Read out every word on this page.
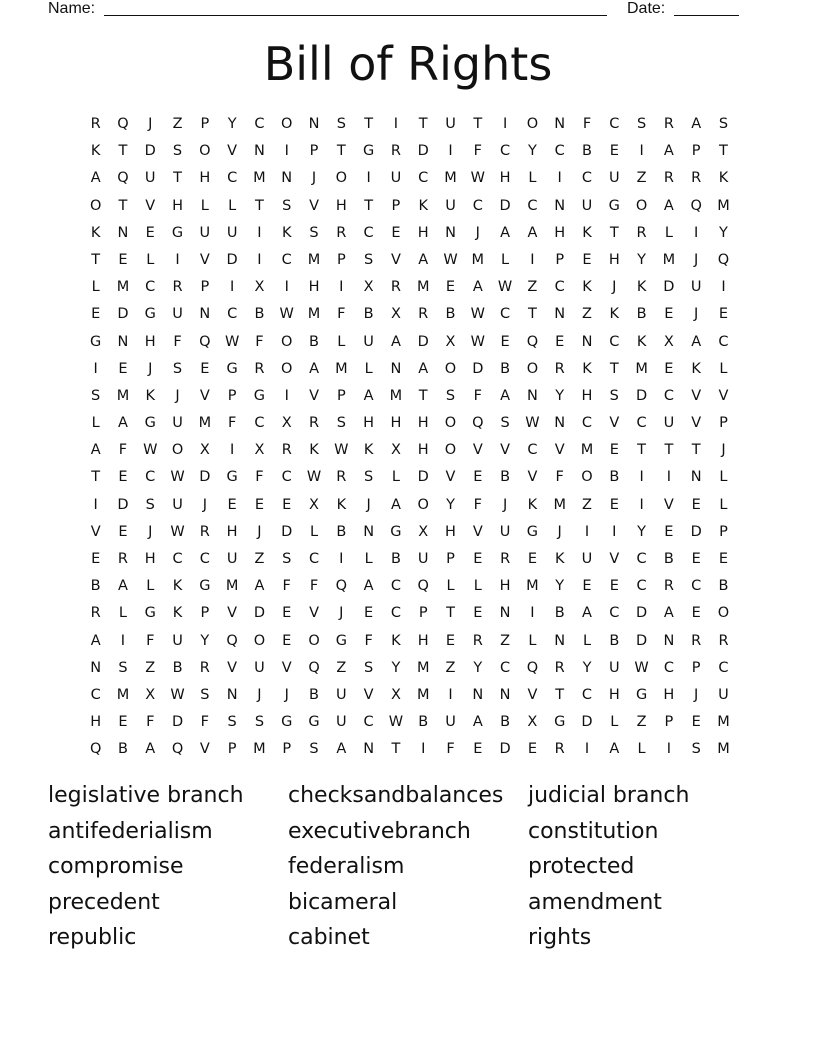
Name:	Date:
Bill of Rights
R	Q	J	Z	P	Y	C	O	N	S	T	I	T	U	T	I	O	N	F	C	S	R	A	S
K	T	D	S	O	V	N	I	P	T	G	R	D	I	F	C	Y	C	B	E	I	A	P	T
A	Q	U	T	H	C	M	N	J	O	I	U	C	M W	H	L	I	C	U	Z	R	R	K
O	T	V	H	L	L	T	S	V	H	T	P	K	U	C	D	C	N	U	G	O	A	Q	M
K	N	E	G	U	U	I	K	S	R	C	E	H	N	J	A	A	H	K	T	R	L	I	Y
T	E	L	I	V	D	I	C	M	P	S	V	A	W M	L	I	P	E	H	Y	M	J	Q
L	M	C	R	P	I	X	I	H	I	X	R	M	E	A	W	Z	C	K	J	K	D	U	I
E	D	G	U	N	C	B	W M	F	B	X	R	B	W	C	T	N	Z	K	B	E	J	E
G	N	H	F	Q W	F	O	B	L	U	A	D	X	W	E	Q	E	N	C	K	X	A	C
I	E	J	S	E	G	R	O	A	M	L	N	A	O	D	B	O	R	K	T	M	E	K	L
S	M	K	J	V	P	G	I	V	P	A	M	T	S	F	A	N	Y	H	S	D	C	V	V
L	A	G	U	M	F	C	X	R	S	H	H	H	O	Q	S	W	N	C	V	C	U	V	P
A	F	W O	X	I	X	R	K	W	K	X	H	O	V	V	C	V	M	E	T	T	T	J
T	E	C	W	D	G	F	C	W	R	S	L	D	V	E	B	V	F	O	B	I	I	N	L
I	D	S	U	J	E	E	E	X	K	J	A	O	Y	F	J	K	M	Z	E	I	V	E	L
V	E	J	W	R	H	J	D	L	B	N	G	X	H	V	U	G	J	I	I	Y	E	D	P
E	R	H	C	C	U	Z	S	C	I	L	B	U	P	E	R	E	K	U	V	C	B	E	E
B	A	L	K	G	M	A	F	F	Q	A	C	Q	L	L	H	M	Y	E	E	C	R	C	B
R	L	G	K	P	V	D	E	V	J	E	C	P	T	E	N	I	B	A	C	D	A	E	O
A	I	F	U	Y	Q	O	E	O	G	F	K	H	E	R	Z	L	N	L	B	D	N	R	R
N	S	Z	B	R	V	U	V	Q	Z	S	Y	M	Z	Y	C	Q	R	Y	U	W	C	P	C
C	M	X	W	S	N	J	J	B	U	V	X	M	I	N	N	V	T	C	H	G	H	J	U
H	E	F	D	F	S	S	G	G	U	C	W	B	U	A	B	X	G	D	L	Z	P	E	M
Q	B	A	Q	V	P	M	P	S	A	N	T	I	F	E	D	E	R	I	A	L	I	S	M
legislative branch	checksandbalances	judicial branch
antifederialism	executivebranch	constitution
compromise	federalism	protected
precedent	bicameral	amendment
republic	cabinet	rights
